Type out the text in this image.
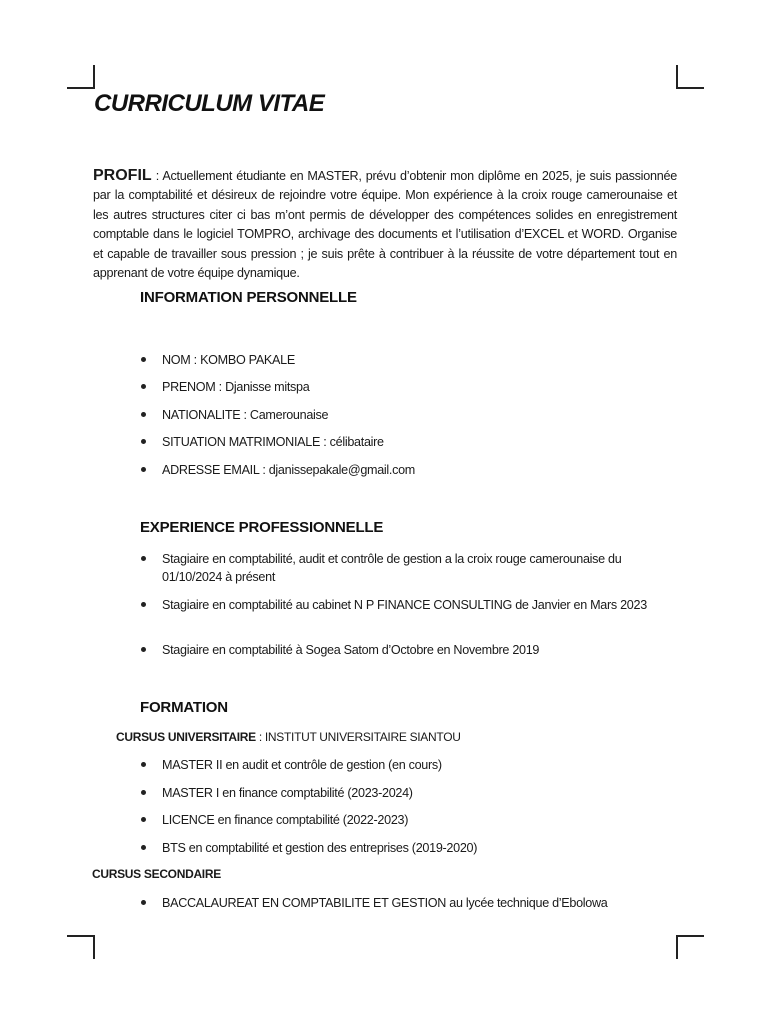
CURRICULUM VITAE

PROFIL : Actuellement étudiante en MASTER, prévu d’obtenir mon diplôme en 2025, je suis passionnée par la comptabilité et désireux de rejoindre votre équipe. Mon expérience à la croix rouge camerounaise et les autres structures citer ci bas m’ont permis de développer des compétences solides en enregistrement comptable dans le logiciel TOMPRO, archivage des documents et l’utilisation d’EXCEL et WORD. Organise et capable de travailler sous pression ; je suis prête à contribuer à la réussite de votre département tout en apprenant de votre équipe dynamique.

INFORMATION PERSONNELLE
NOM : KOMBO PAKALE
PRENOM : Djanisse mitspa
NATIONALITE : Camerounaise
SITUATION MATRIMONIALE : célibataire
ADRESSE EMAIL : djanissepakale@gmail.com
EXPERIENCE PROFESSIONNELLE
Stagiaire en comptabilité, audit et contrôle de gestion a la croix rouge camerounaise du 01/10/2024 à présent
Stagiaire en comptabilité au cabinet N P FINANCE CONSULTING de Janvier en Mars 2023
Stagiaire en comptabilité à Sogea Satom d’Octobre en Novembre 2019
FORMATION

CURSUS UNIVERSITAIRE : INSTITUT UNIVERSITAIRE SIANTOU

MASTER II en audit et contrôle de gestion (en cours)
MASTER I en finance comptabilité (2023-2024)
LICENCE en finance comptabilité (2022-2023)
BTS en comptabilité et gestion des entreprises (2019-2020)

CURSUS SECONDAIRE

BACCALAUREAT EN COMPTABILITE ET GESTION au lycée technique d’Ebolowa
